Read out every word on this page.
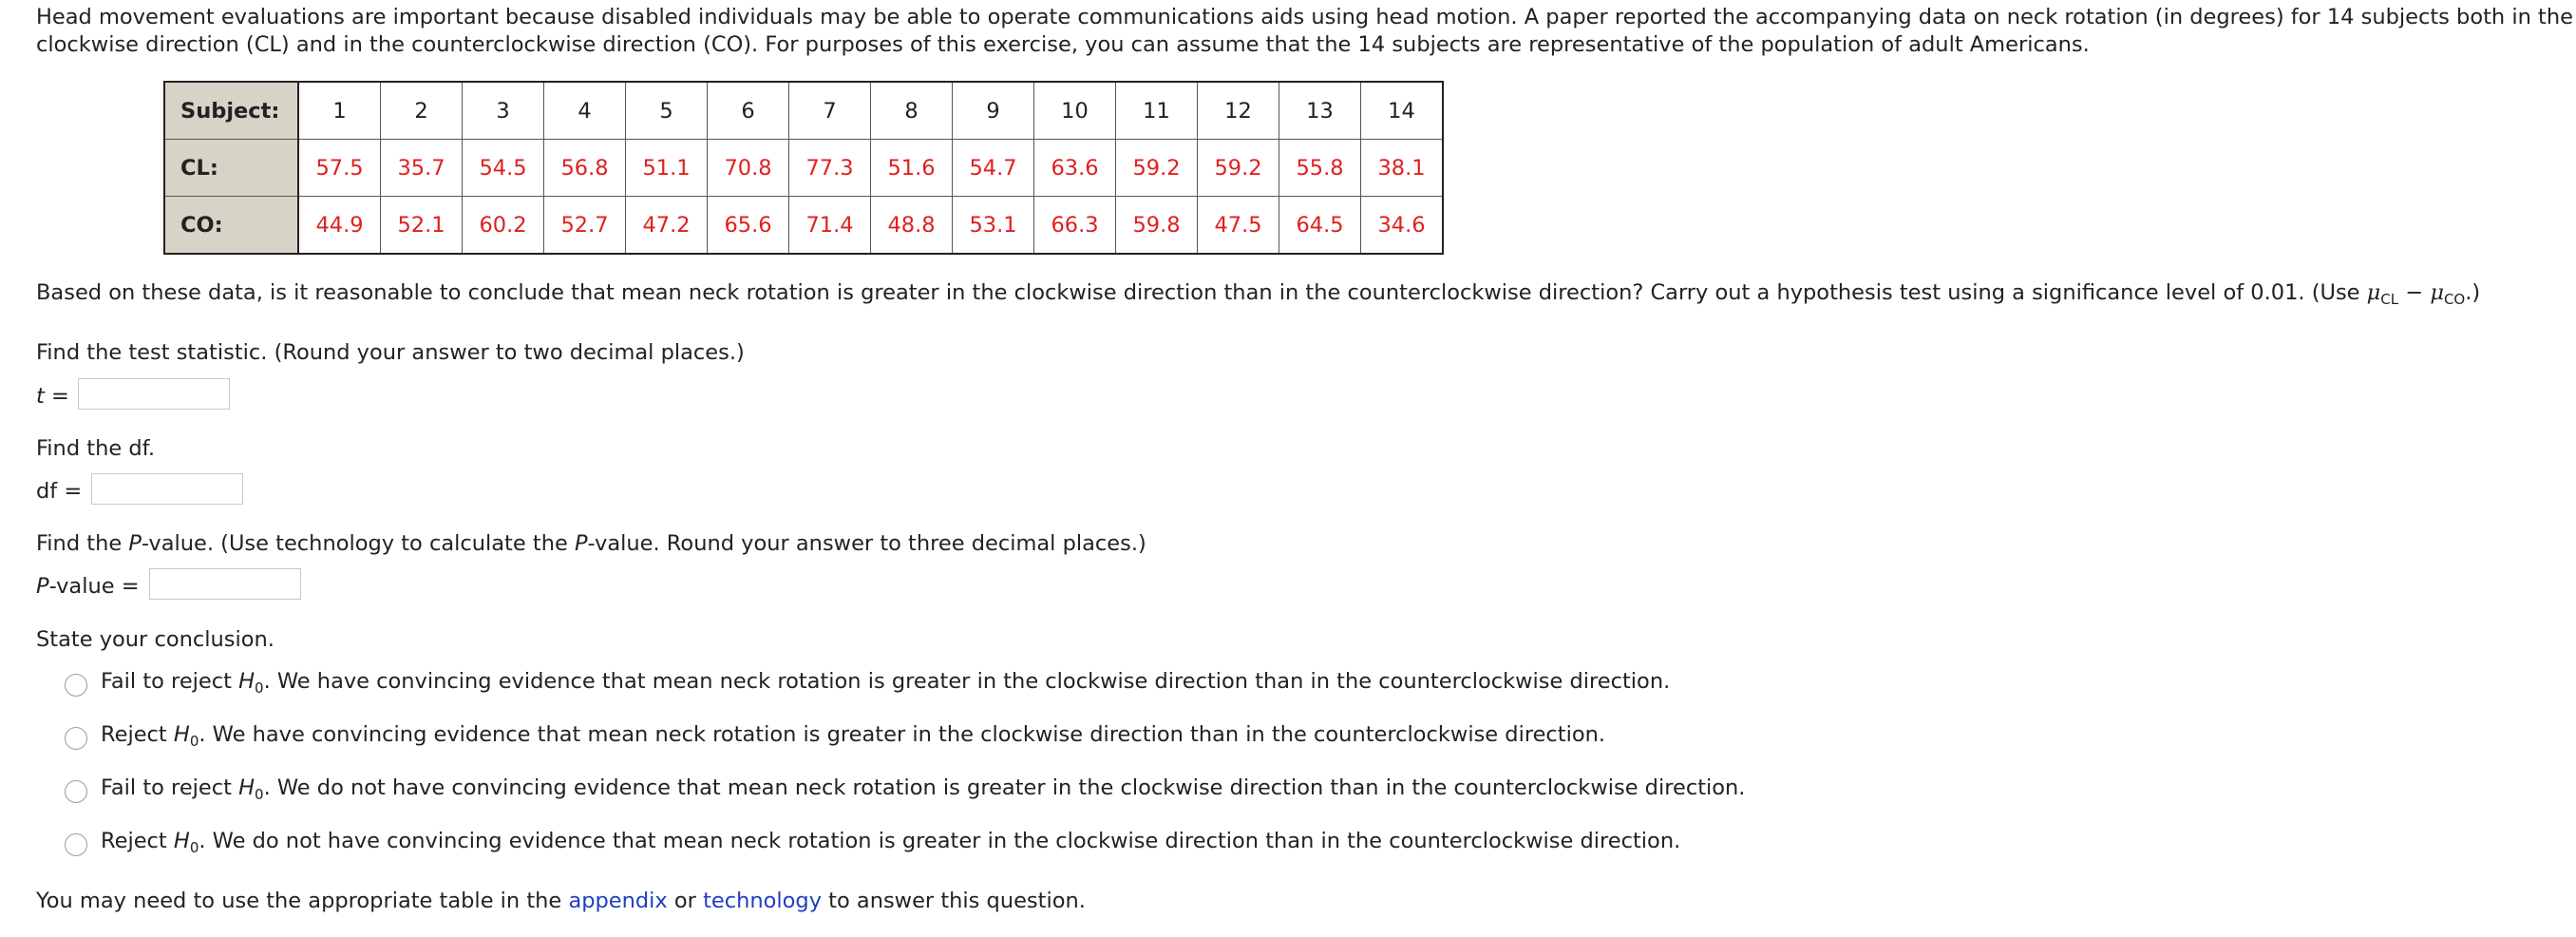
Head movement evaluations are important because disabled individuals may be able to operate communications aids using head motion. A paper reported the accompanying data on neck rotation (in degrees) for 14 subjects both in the
clockwise direction (CL) and in the counterclockwise direction (CO). For purposes of this exercise, you can assume that the 14 subjects are representative of the population of adult Americans.

Subject:	1	2	3	4	5	6	7	8	9	10	11	12	13	14
CL:	57.5	35.7	54.5	56.8	51.1	70.8	77.3	51.6	54.7	63.6	59.2	59.2	55.8	38.1
CO:	44.9	52.1	60.2	52.7	47.2	65.6	71.4	48.8	53.1	66.3	59.8	47.5	64.5	34.6
Based on these data, is it reasonable to conclude that mean neck rotation is greater in the clockwise direction than in the counterclockwise direction? Carry out a hypothesis test using a significance level of 0.01. (Use $\mu_{CL} - \mu_{CO}$.)
Find the test statistic. (Round your answer to two decimal places.)
t =
Find the df.
df =
Find the P-value. (Use technology to calculate the P-value. Round your answer to three decimal places.)
P-value =
State your conclusion.
Fail to reject $H_0$. We have convincing evidence that mean neck rotation is greater in the clockwise direction than in the counterclockwise direction.
Reject $H_0$. We have convincing evidence that mean neck rotation is greater in the clockwise direction than in the counterclockwise direction.
Fail to reject $H_0$. We do not have convincing evidence that mean neck rotation is greater in the clockwise direction than in the counterclockwise direction.
Reject $H_0$. We do not have convincing evidence that mean neck rotation is greater in the clockwise direction than in the counterclockwise direction.
You may need to use the appropriate table in the appendix or technology to answer this question.
